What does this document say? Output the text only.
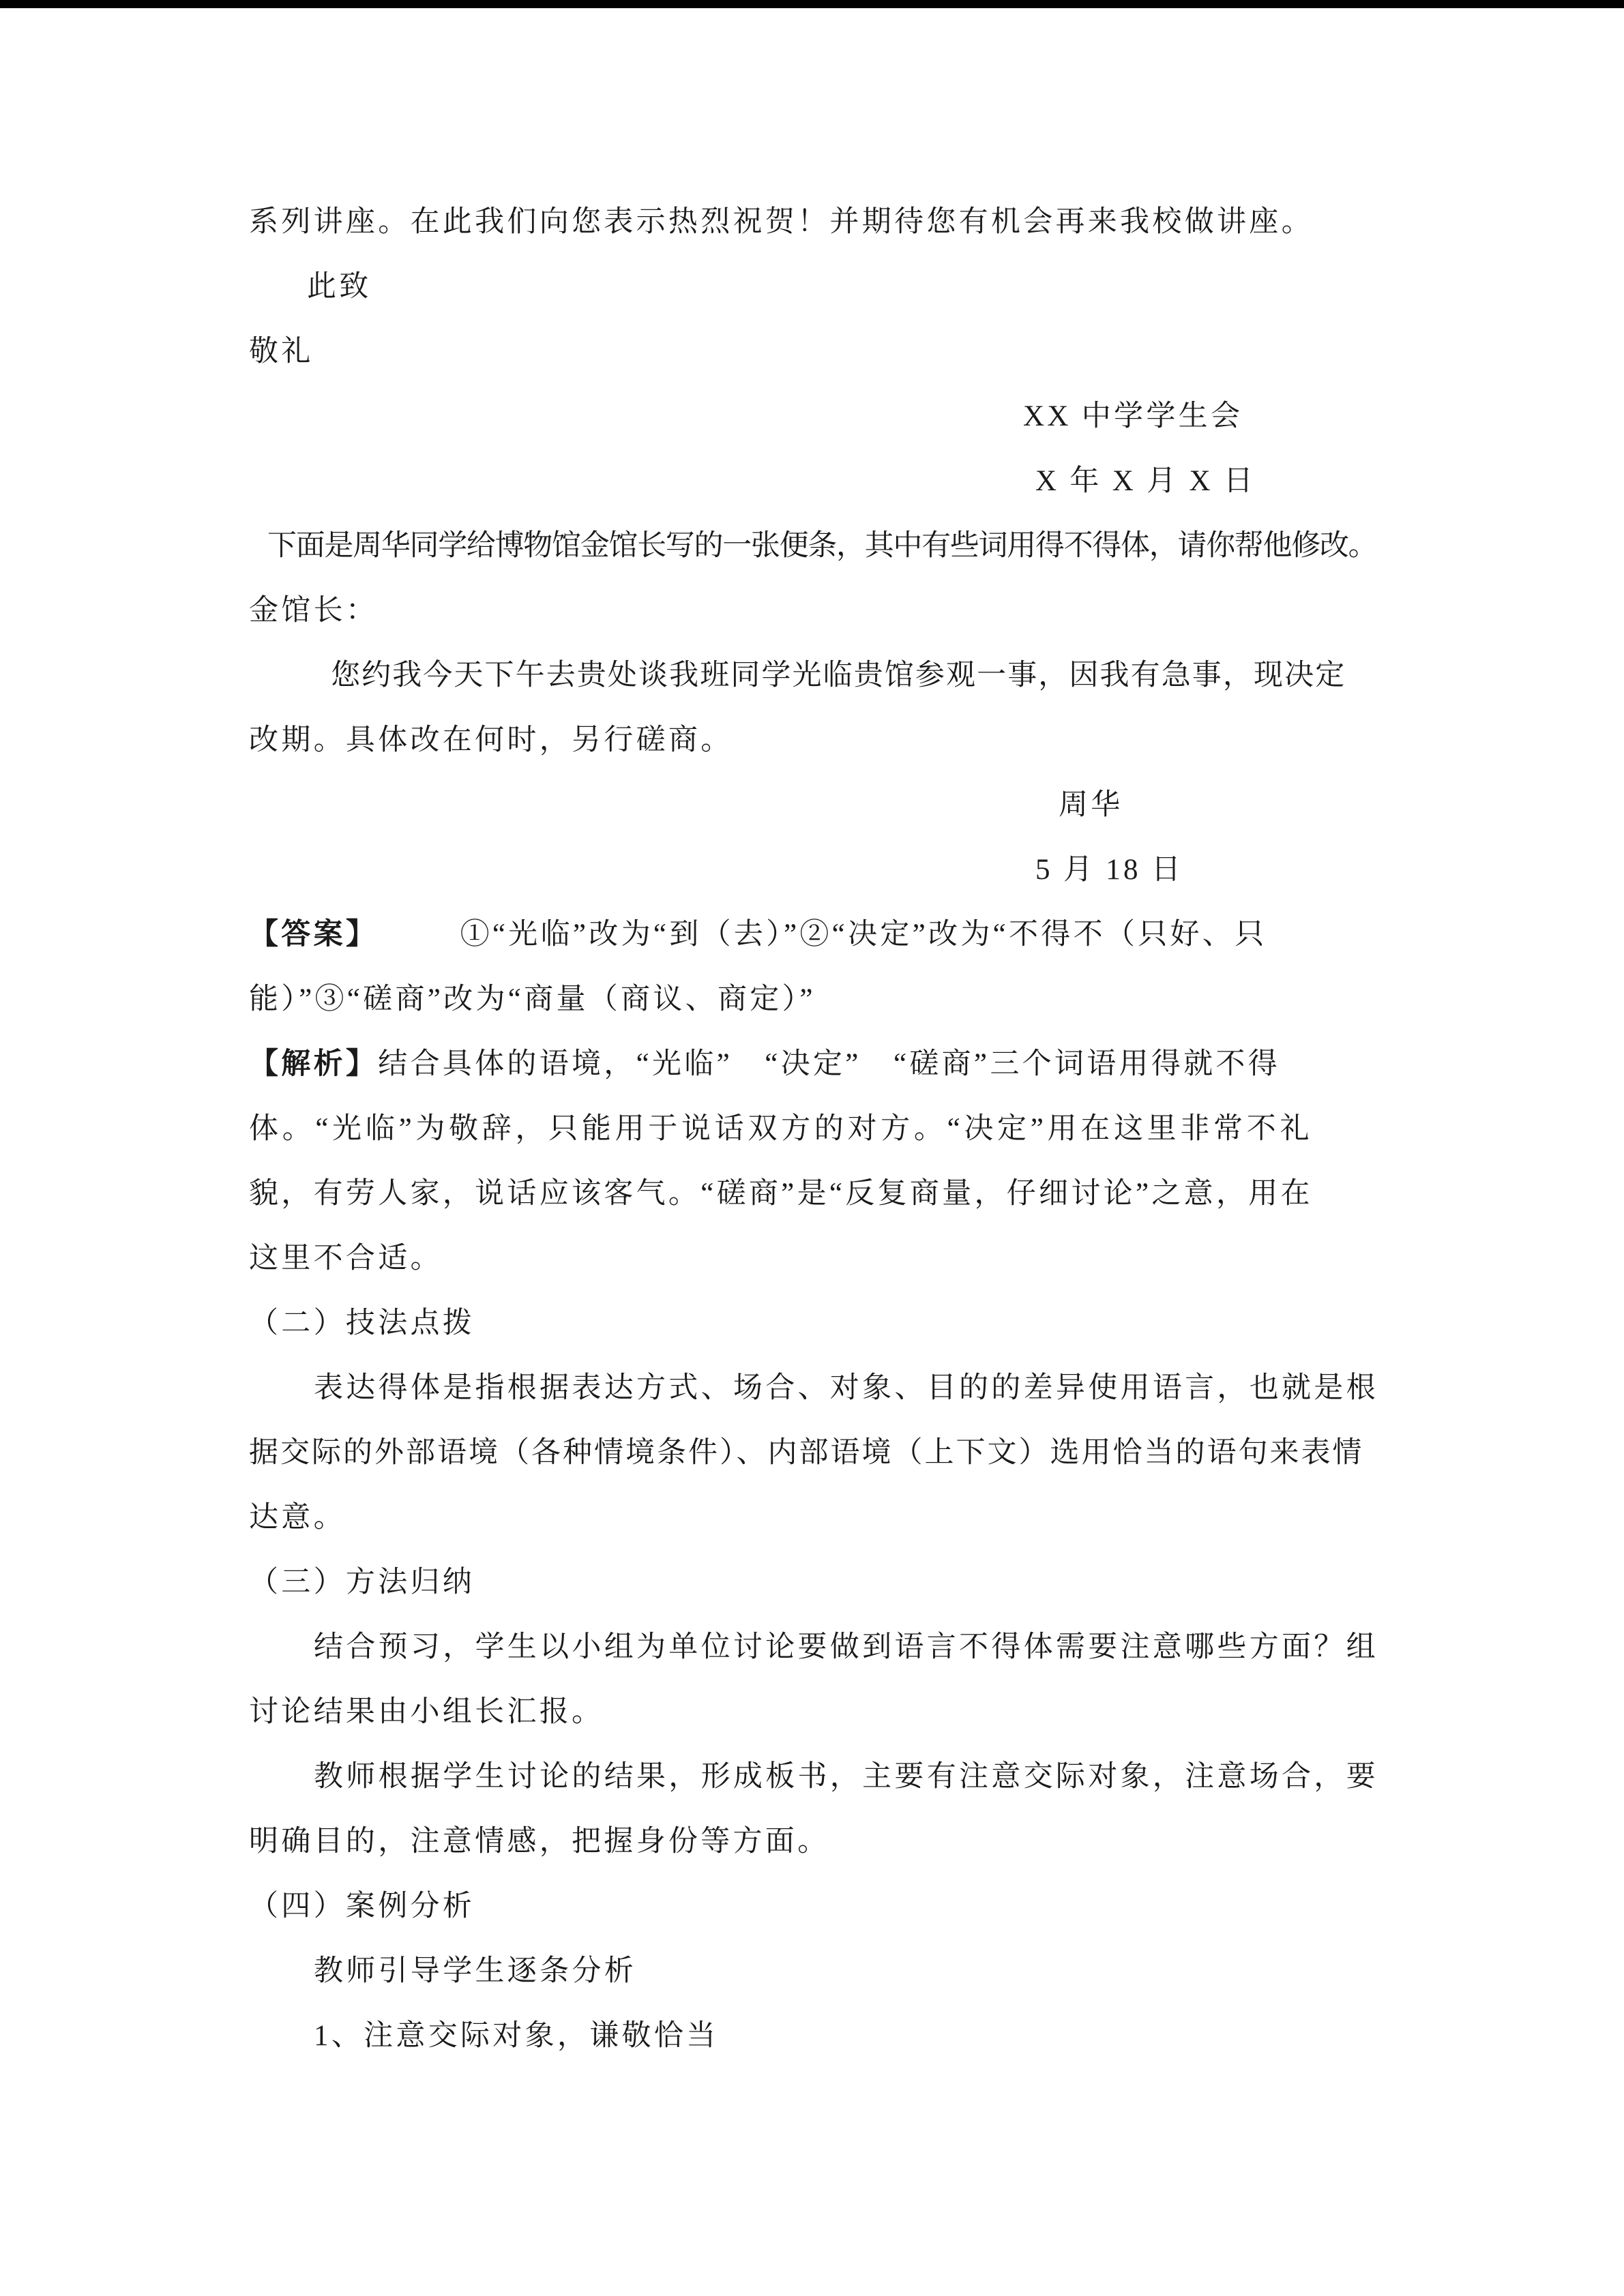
系列讲座。在此我们向您表示热烈祝贺！并期待您有机会再来我校做讲座。
此致
敬礼
XX 中学学生会
X 年 X 月 X 日
下面是周华同学给博物馆金馆长写的一张便条，其中有些词用得不得体，请你帮他修改。
金馆长：
您约我今天下午去贵处谈我班同学光临贵馆参观一事，因我有急事，现决定
改期。具体改在何时，另行磋商。
周华
5 月 18 日
【答案】　　　①“光临”改为“到（去）”②“决定”改为“不得不（只好、只
能）”③“磋商”改为“商量（商议、商定）”
【解析】结合具体的语境，“光临”　“决定”　“磋商”三个词语用得就不得
体。“光临”为敬辞，只能用于说话双方的对方。“决定”用在这里非常不礼
貌，有劳人家，说话应该客气。“磋商”是“反复商量，仔细讨论”之意，用在
这里不合适。
（二）技法点拨
表达得体是指根据表达方式、场合、对象、目的的差异使用语言，也就是根
据交际的外部语境（各种情境条件）、内部语境（上下文）选用恰当的语句来表情
达意。
（三）方法归纳
结合预习，学生以小组为单位讨论要做到语言不得体需要注意哪些方面？组
讨论结果由小组长汇报。
教师根据学生讨论的结果，形成板书，主要有注意交际对象，注意场合，要
明确目的，注意情感，把握身份等方面。
（四）案例分析
教师引导学生逐条分析
1、注意交际对象，谦敬恰当
